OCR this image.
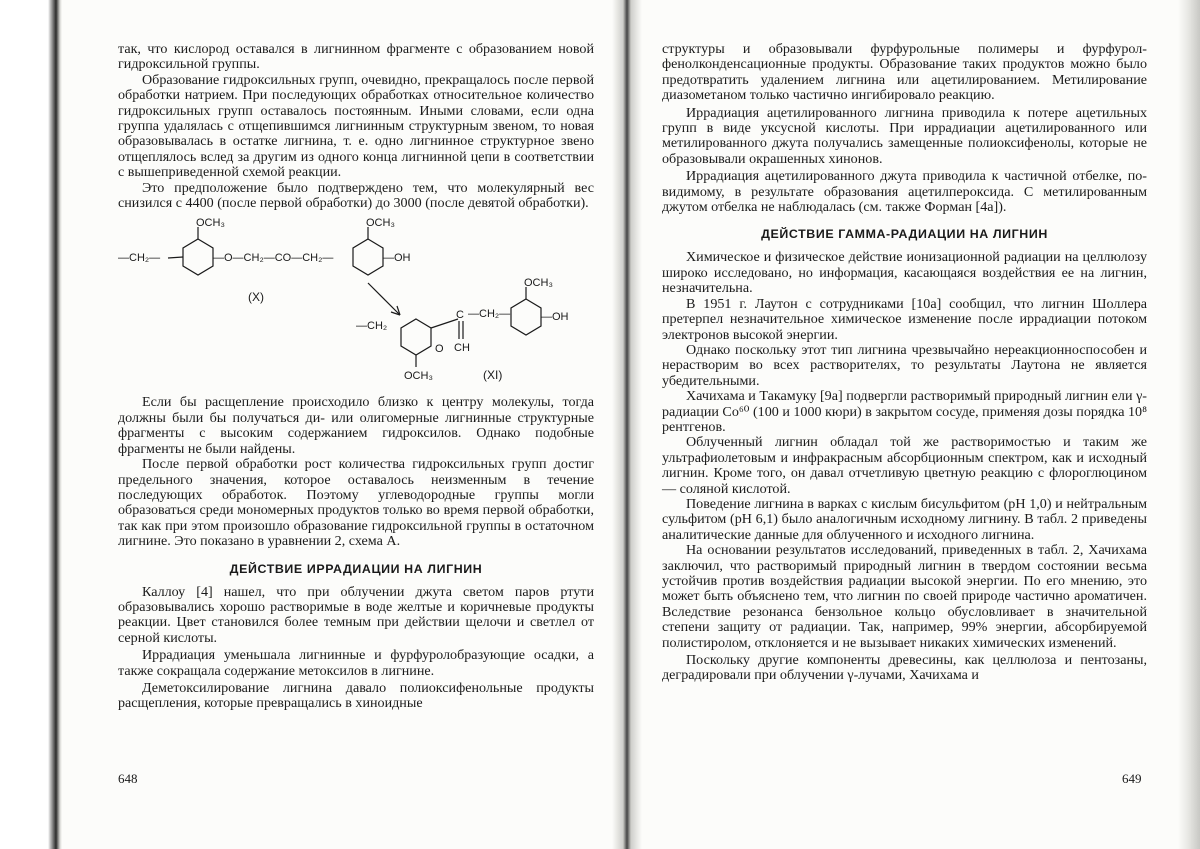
так, что кислород оставался в лигнинном фрагменте с образованием новой гидроксильной группы.

Образование гидроксильных групп, очевидно, прекращалось после первой обработки натрием. При последующих обработках относительное количество гидроксильных групп оставалось постоянным. Иными словами, если одна группа удалялась с отщепившимся лигнинным структурным звеном, то новая образовывалась в остатке лигнина, т. е. одно лигнинное структурное звено отщеплялось вслед за другим из одного конца лигнинной цепи в соответствии с вышеприведенной схемой реакции.

Это предположение было подтверждено тем, что молекулярный вес снизился с 4400 (после первой обработки) до 3000 (после девятой обработки).

OCH₃
—CH₂—	—O—CH₂—CO—CH₂—
OCH₃
—OH
(X)
—CH₂
OCH₃
C
CH
O
—CH₂—
OCH₃
—OH
(XI)

Если бы расщепление происходило близко к центру молекулы, тогда должны были бы получаться ди- или олигомерные лигнинные структурные фрагменты с высоким содержанием гидроксилов. Однако подобные фрагменты не были найдены.

После первой обработки рост количества гидроксильных групп достиг предельного значения, которое оставалось неизменным в течение последующих обработок. Поэтому углеводородные группы могли образоваться среди мономерных продуктов только во время первой обработки, так как при этом произошло образование гидроксильной группы в остаточном лигнине. Это показано в уравнении 2, схема А.

ДЕЙСТВИЕ ИРРАДИАЦИИ НА ЛИГНИН

Каллоу [4] нашел, что при облучении джута светом паров ртути образовывались хорошо растворимые в воде желтые и коричневые продукты реакции. Цвет становился более темным при действии щелочи и светлел от серной кислоты.

Иррадиация уменьшала лигнинные и фурфуролобразующие осадки, а также сокращала содержание метоксилов в лигнине.

Деметоксилирование лигнина давало полиоксифенольные продукты расщепления, которые превращались в хиноидные

648

структуры и образовывали фурфурольные полимеры и фурфурол-фенолконденсационные продукты. Образование таких продуктов можно было предотвратить удалением лигнина или ацетилированием. Метилирование диазометаном только частично ингибировало реакцию.

Иррадиация ацетилированного лигнина приводила к потере ацетильных групп в виде уксусной кислоты. При иррадиации ацетилированного или метилированного джута получались замещенные полиоксифенолы, которые не образовывали окрашенных хинонов.

Иррадиация ацетилированного джута приводила к частичной отбелке, по-видимому, в результате образования ацетилпероксида. С метилированным джутом отбелка не наблюдалась (см. также Форман [4а]).

ДЕЙСТВИЕ ГАММА-РАДИАЦИИ НА ЛИГНИН

Химическое и физическое действие ионизационной радиации на целлюлозу широко исследовано, но информация, касающаяся воздействия ее на лигнин, незначительна.

В 1951 г. Лаутон с сотрудниками [10а] сообщил, что лигнин Шоллера претерпел незначительное химическое изменение после иррадиации потоком электронов высокой энергии.

Однако поскольку этот тип лигнина чрезвычайно нереакционноспособен и нерастворим во всех растворителях, то результаты Лаутона не является убедительными.

Хачихама и Такамуку [9а] подвергли растворимый природный лигнин ели γ-радиации Co⁶⁰ (100 и 1000 кюри) в закрытом сосуде, применяя дозы порядка 10⁸ рентгенов.

Облученный лигнин обладал той же растворимостью и таким же ультрафиолетовым и инфракрасным абсорбционным спектром, как и исходный лигнин. Кроме того, он давал отчетливую цветную реакцию с флороглюцином — соляной кислотой.

Поведение лигнина в варках с кислым бисульфитом (рН 1,0) и нейтральным сульфитом (рН 6,1) было аналогичным исходному лигнину. В табл. 2 приведены аналитические данные для облученного и исходного лигнина.

На основании результатов исследований, приведенных в табл. 2, Хачихама заключил, что растворимый природный лигнин в твердом состоянии весьма устойчив против воздействия радиации высокой энергии. По его мнению, это может быть объяснено тем, что лигнин по своей природе частично ароматичен. Вследствие резонанса бензольное кольцо обусловливает в значительной степени защиту от радиации. Так, например, 99% энергии, абсорбируемой полистиролом, отклоняется и не вызывает никаких химических изменений.

Поскольку другие компоненты древесины, как целлюлоза и пентозаны, деградировали при облучении γ-лучами, Хачихама и

649
